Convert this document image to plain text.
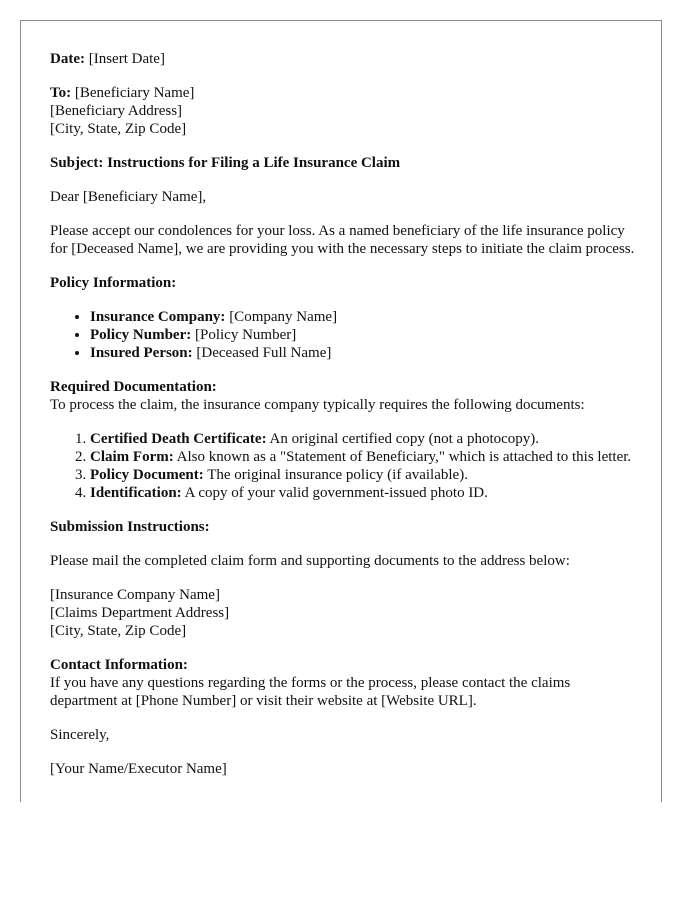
Date: [Insert Date]

To: [Beneficiary Name]
[Beneficiary Address]
[City, State, Zip Code]

Subject: Instructions for Filing a Life Insurance Claim

Dear [Beneficiary Name],

Please accept our condolences for your loss. As a named beneficiary of the life insurance policy for [Deceased Name], we are providing you with the necessary steps to initiate the claim process.

Policy Information:

• Insurance Company: [Company Name]
• Policy Number: [Policy Number]
• Insured Person: [Deceased Full Name]

Required Documentation:

To process the claim, the insurance company typically requires the following documents:

1. Certified Death Certificate: An original certified copy (not a photocopy).
2. Claim Form: Also known as a "Statement of Beneficiary," which is attached to this letter.
3. Policy Document: The original insurance policy (if available).
4. Identification: A copy of your valid government-issued photo ID.

Submission Instructions:

Please mail the completed claim form and supporting documents to the address below:

[Insurance Company Name]
[Claims Department Address]
[City, State, Zip Code]

Contact Information:

If you have any questions regarding the forms or the process, please contact the claims department at [Phone Number] or visit their website at [Website URL].

Sincerely,

[Your Name/Executor Name]
